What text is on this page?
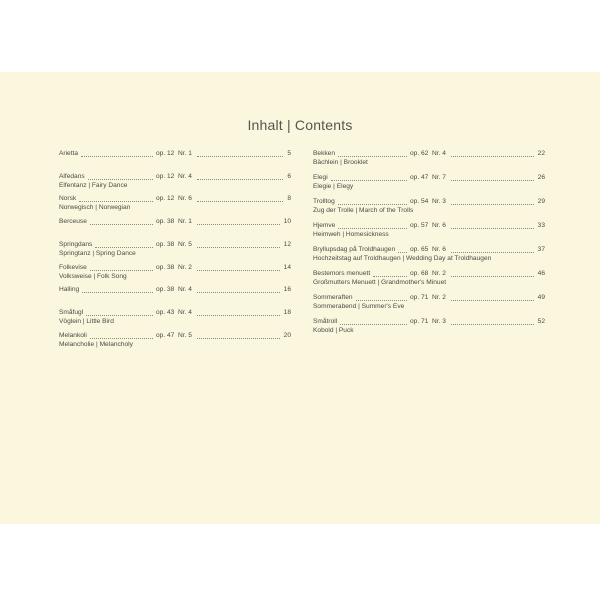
Inhalt | Contents
Arietta	op. 12 Nr. 1	5
Alfedans	op. 12 Nr. 4	6
Elfentanz | Fairy Dance
Norsk	op. 12 Nr. 6	8
Norwegisch | Norwegian
Berceuse	op. 38 Nr. 1	10
Springdans	op. 38 Nr. 5	12
Springtanz | Spring Dance
Folkevise	op. 38 Nr. 2	14
Volksweise | Folk Song
Halling	op. 38 Nr. 4	16
Småfugl	op. 43 Nr. 4	18
Vöglein | Little Bird
Melankoli	op. 47 Nr. 5	20
Melancholie | Melancholy
Bekken	op. 62 Nr. 4	22
Bächlein | Brooklet
Elegi	op. 47 Nr. 7	26
Elegie | Elegy
Trolltog	op. 54 Nr. 3	29
Zug der Trolle | March of the Trolls
Hjemve	op. 57 Nr. 6	33
Heimweh | Homesickness
Bryllupsdag på Troldhaugen op. 65 Nr. 6	37
Hochzeitstag auf Troldhaugen | Wedding Day at Troldhaugen
Bestemors menuett	op. 68 Nr. 2	46
Großmutters Menuett | Grandmother's Minuet
Sommeraften	op. 71 Nr. 2	49
Sommerabend | Summer's Eve
Småtroll	op. 71 Nr. 3	52
Kobold | Puck
